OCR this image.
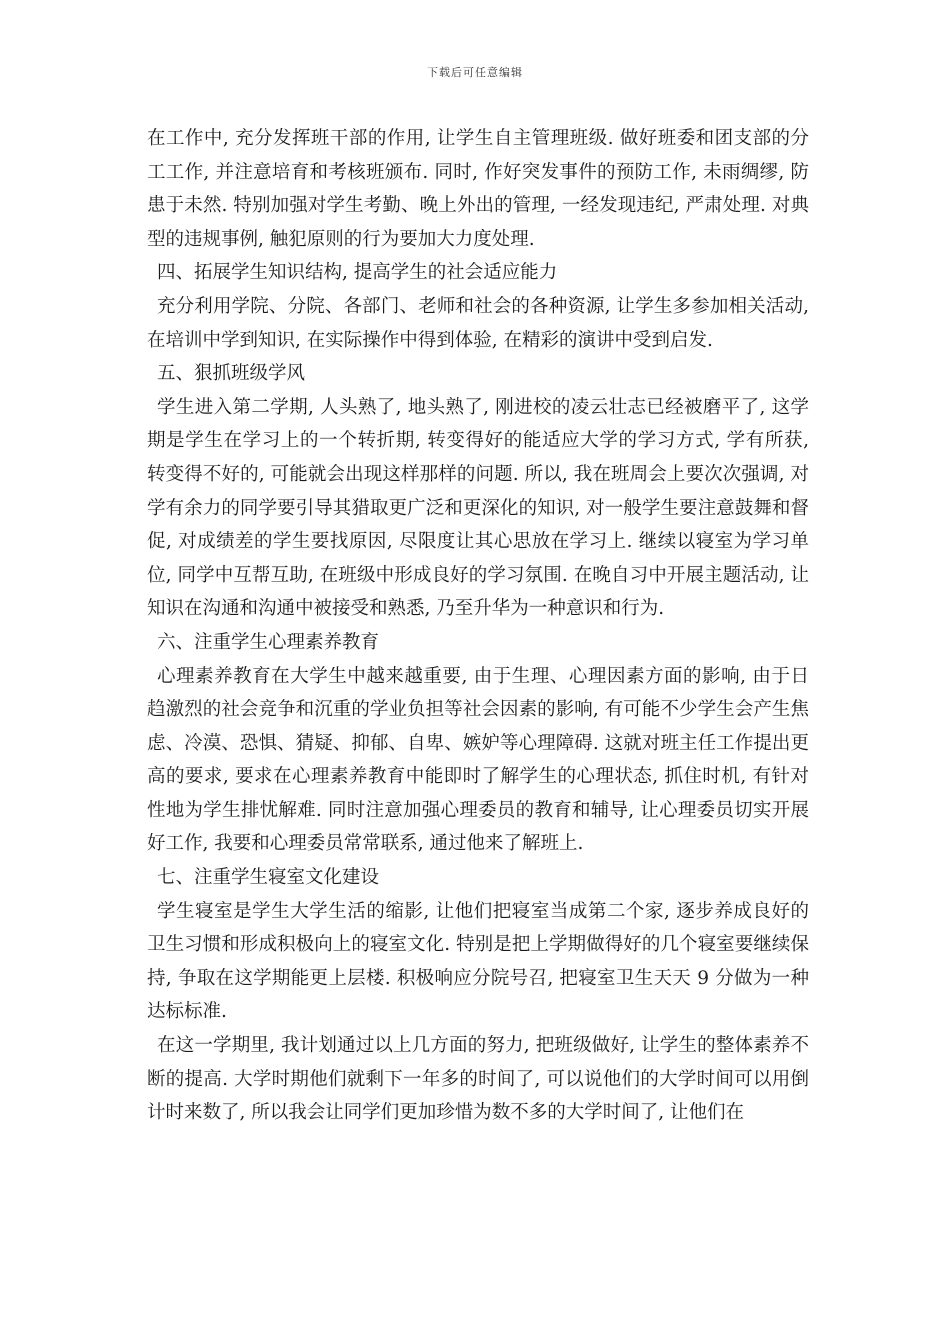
下载后可任意编辑

在工作中, 充分发挥班干部的作用, 让学生自主管理班级. 做好班委和团支部的分工工作, 并注意培育和考核班颁布. 同时, 作好突发事件的预防工作, 未雨绸缪, 防患于未然. 特别加强对学生考勤、晚上外出的管理, 一经发现违纪, 严肃处理. 对典型的违规事例, 触犯原则的行为要加大力度处理.

四、拓展学生知识结构, 提高学生的社会适应能力

充分利用学院、分院、各部门、老师和社会的各种资源, 让学生多参加相关活动, 在培训中学到知识, 在实际操作中得到体验, 在精彩的演讲中受到启发.

五、狠抓班级学风

学生进入第二学期, 人头熟了, 地头熟了, 刚进校的凌云壮志已经被磨平了, 这学期是学生在学习上的一个转折期, 转变得好的能适应大学的学习方式, 学有所获, 转变得不好的, 可能就会出现这样那样的问题. 所以, 我在班周会上要次次强调, 对学有余力的同学要引导其猎取更广泛和更深化的知识, 对一般学生要注意鼓舞和督促, 对成绩差的学生要找原因, 尽限度让其心思放在学习上. 继续以寝室为学习单位, 同学中互帮互助, 在班级中形成良好的学习氛围. 在晚自习中开展主题活动, 让知识在沟通和沟通中被接受和熟悉, 乃至升华为一种意识和行为.

六、注重学生心理素养教育

心理素养教育在大学生中越来越重要, 由于生理、心理因素方面的影响, 由于日趋激烈的社会竞争和沉重的学业负担等社会因素的影响, 有可能不少学生会产生焦虑、冷漠、恐惧、猜疑、抑郁、自卑、嫉妒等心理障碍. 这就对班主任工作提出更高的要求, 要求在心理素养教育中能即时了解学生的心理状态, 抓住时机, 有针对性地为学生排忧解难. 同时注意加强心理委员的教育和辅导, 让心理委员切实开展好工作, 我要和心理委员常常联系, 通过他来了解班上.

七、注重学生寝室文化建设

学生寝室是学生大学生活的缩影, 让他们把寝室当成第二个家, 逐步养成良好的卫生习惯和形成积极向上的寝室文化. 特别是把上学期做得好的几个寝室要继续保持, 争取在这学期能更上层楼. 积极响应分院号召, 把寝室卫生天天 9 分做为一种达标标准.

在这一学期里, 我计划通过以上几方面的努力, 把班级做好, 让学生的整体素养不断的提高. 大学时期他们就剩下一年多的时间了, 可以说他们的大学时间可以用倒计时来数了, 所以我会让同学们更加珍惜为数不多的大学时间了, 让他们在
